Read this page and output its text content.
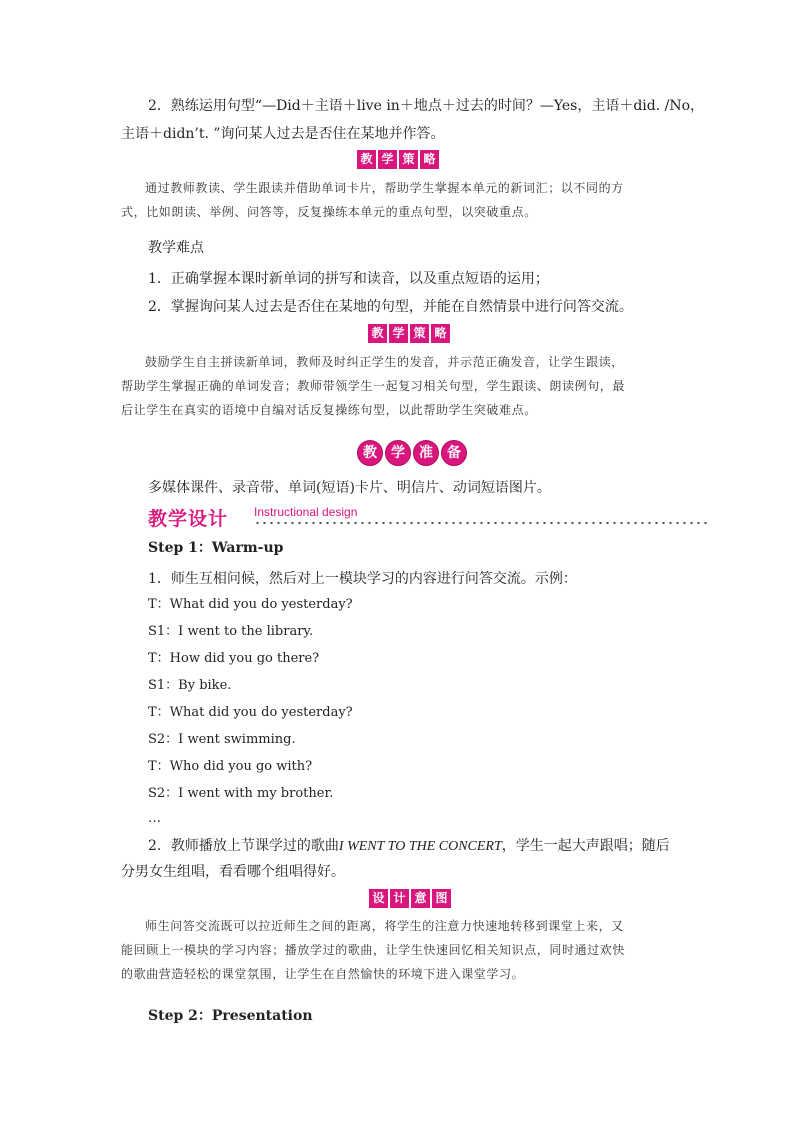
2．熟练运用句型“—Did＋主语＋live in＋地点＋过去的时间？—Yes，主语＋did. /No，
主语＋didn’t. ”询问某人过去是否住在某地并作答。
教 学 策 略
通过教师教读、学生跟读并借助单词卡片，帮助学生掌握本单元的新词汇；以不同的方
式，比如朗读、举例、问答等，反复操练本单元的重点句型，以突破重点。
教学难点
1．正确掌握本课时新单词的拼写和读音，以及重点短语的运用；
2．掌握询问某人过去是否住在某地的句型，并能在自然情景中进行问答交流。
教 学 策 略
鼓励学生自主拼读新单词，教师及时纠正学生的发音，并示范正确发音，让学生跟读，
帮助学生掌握正确的单词发音；教师带领学生一起复习相关句型，学生跟读、朗读例句，最
后让学生在真实的语境中自编对话反复操练句型，以此帮助学生突破难点。
教	学	准	备
多媒体课件、录音带、单词(短语)卡片、明信片、动词短语图片。
教学设计 Instructional design
Step 1：Warm-up
1．师生互相问候，然后对上一模块学习的内容进行问答交流。示例：
T：What did you do yesterday?
S1：I went to the library.
T：How did you go there?
S1：By bike.
T：What did you do yesterday?
S2：I went swimming.
T：Who did you go with?
S2：I went with my brother.
…
2．教师播放上节课学过的歌曲I WENT TO THE CONCERT，学生一起大声跟唱；随后
分男女生组唱，看看哪个组唱得好。
设 计 意 图
师生问答交流既可以拉近师生之间的距离，将学生的注意力快速地转移到课堂上来，又
能回顾上一模块的学习内容；播放学过的歌曲，让学生快速回忆相关知识点，同时通过欢快
的歌曲营造轻松的课堂氛围，让学生在自然愉快的环境下进入课堂学习。
Step 2：Presentation
